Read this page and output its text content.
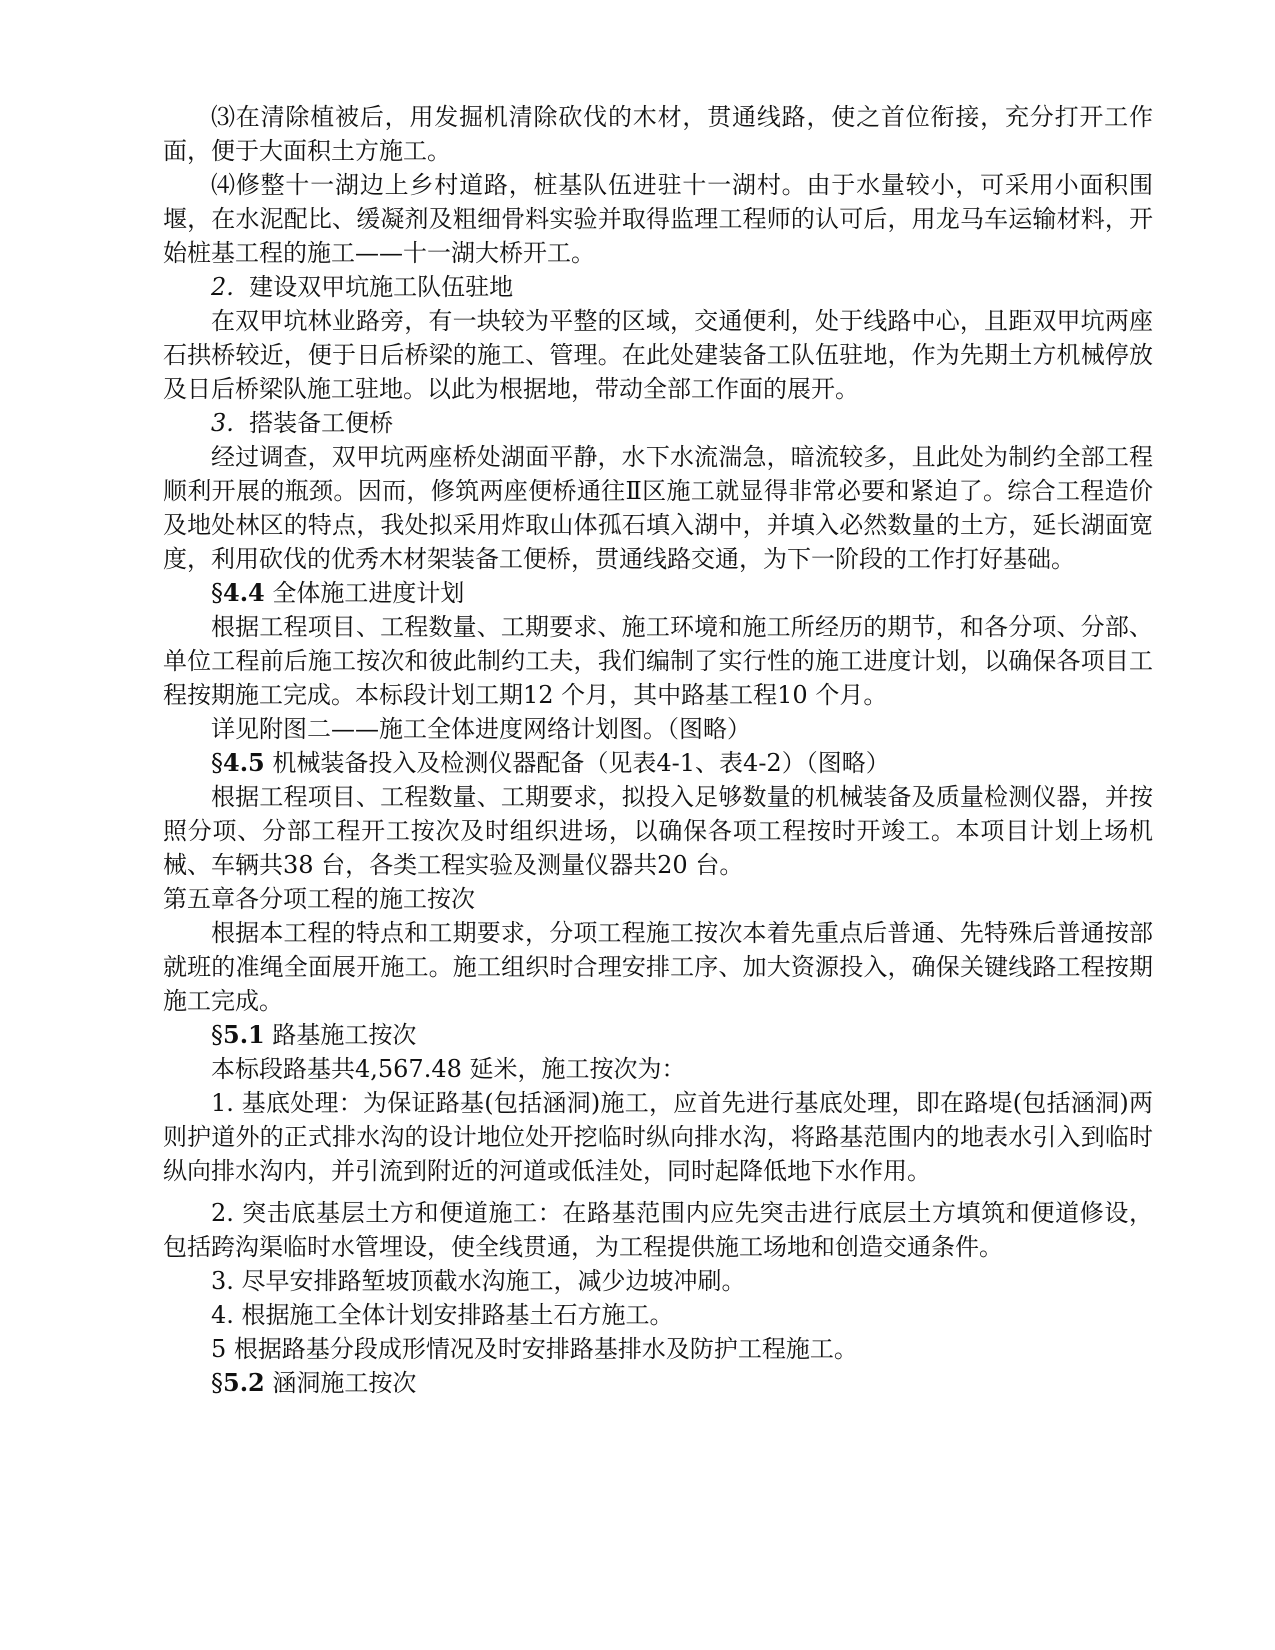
⑶在清除植被后，用发掘机清除砍伐的木材，贯通线路，使之首位衔接，充分打开工作面，便于大面积土方施工。

⑷修整十一湖边上乡村道路，桩基队伍进驻十一湖村。由于水量较小，可采用小面积围堰，在水泥配比、缓凝剂及粗细骨料实验并取得监理工程师的认可后，用龙马车运输材料，开始桩基工程的施工——十一湖大桥开工。

2. 建设双甲坑施工队伍驻地

在双甲坑林业路旁，有一块较为平整的区域，交通便利，处于线路中心，且距双甲坑两座石拱桥较近，便于日后桥梁的施工、管理。在此处建装备工队伍驻地，作为先期土方机械停放及日后桥梁队施工驻地。以此为根据地，带动全部工作面的展开。

3. 搭装备工便桥

经过调查，双甲坑两座桥处湖面平静，水下水流湍急，暗流较多，且此处为制约全部工程顺利开展的瓶颈。因而，修筑两座便桥通往Ⅱ区施工就显得非常必要和紧迫了。综合工程造价及地处林区的特点，我处拟采用炸取山体孤石填入湖中，并填入必然数量的土方，延长湖面宽度，利用砍伐的优秀木材架装备工便桥，贯通线路交通，为下一阶段的工作打好基础。

§4.4 全体施工进度计划

根据工程项目、工程数量、工期要求、施工环境和施工所经历的期节，和各分项、分部、单位工程前后施工按次和彼此制约工夫，我们编制了实行性的施工进度计划，以确保各项目工程按期施工完成。本标段计划工期12 个月，其中路基工程10 个月。

详见附图二——施工全体进度网络计划图。（图略）

§4.5 机械装备投入及检测仪器配备（见表4-1、表4-2）（图略）

根据工程项目、工程数量、工期要求，拟投入足够数量的机械装备及质量检测仪器，并按照分项、分部工程开工按次及时组织进场，以确保各项工程按时开竣工。本项目计划上场机械、车辆共38 台，各类工程实验及测量仪器共20 台。

第五章各分项工程的施工按次

根据本工程的特点和工期要求，分项工程施工按次本着先重点后普通、先特殊后普通按部就班的准绳全面展开施工。施工组织时合理安排工序、加大资源投入，确保关键线路工程按期施工完成。

§5.1 路基施工按次

本标段路基共4,567.48 延米，施工按次为：

1. 基底处理：为保证路基(包括涵洞)施工，应首先进行基底处理，即在路堤(包括涵洞)两则护道外的正式排水沟的设计地位处开挖临时纵向排水沟，将路基范围内的地表水引入到临时纵向排水沟内，并引流到附近的河道或低洼处，同时起降低地下水作用。

2. 突击底基层土方和便道施工：在路基范围内应先突击进行底层土方填筑和便道修设，包括跨沟渠临时水管埋设，使全线贯通，为工程提供施工场地和创造交通条件。

3. 尽早安排路堑坡顶截水沟施工，减少边坡冲刷。

4. 根据施工全体计划安排路基土石方施工。

5 根据路基分段成形情况及时安排路基排水及防护工程施工。

§5.2 涵洞施工按次
